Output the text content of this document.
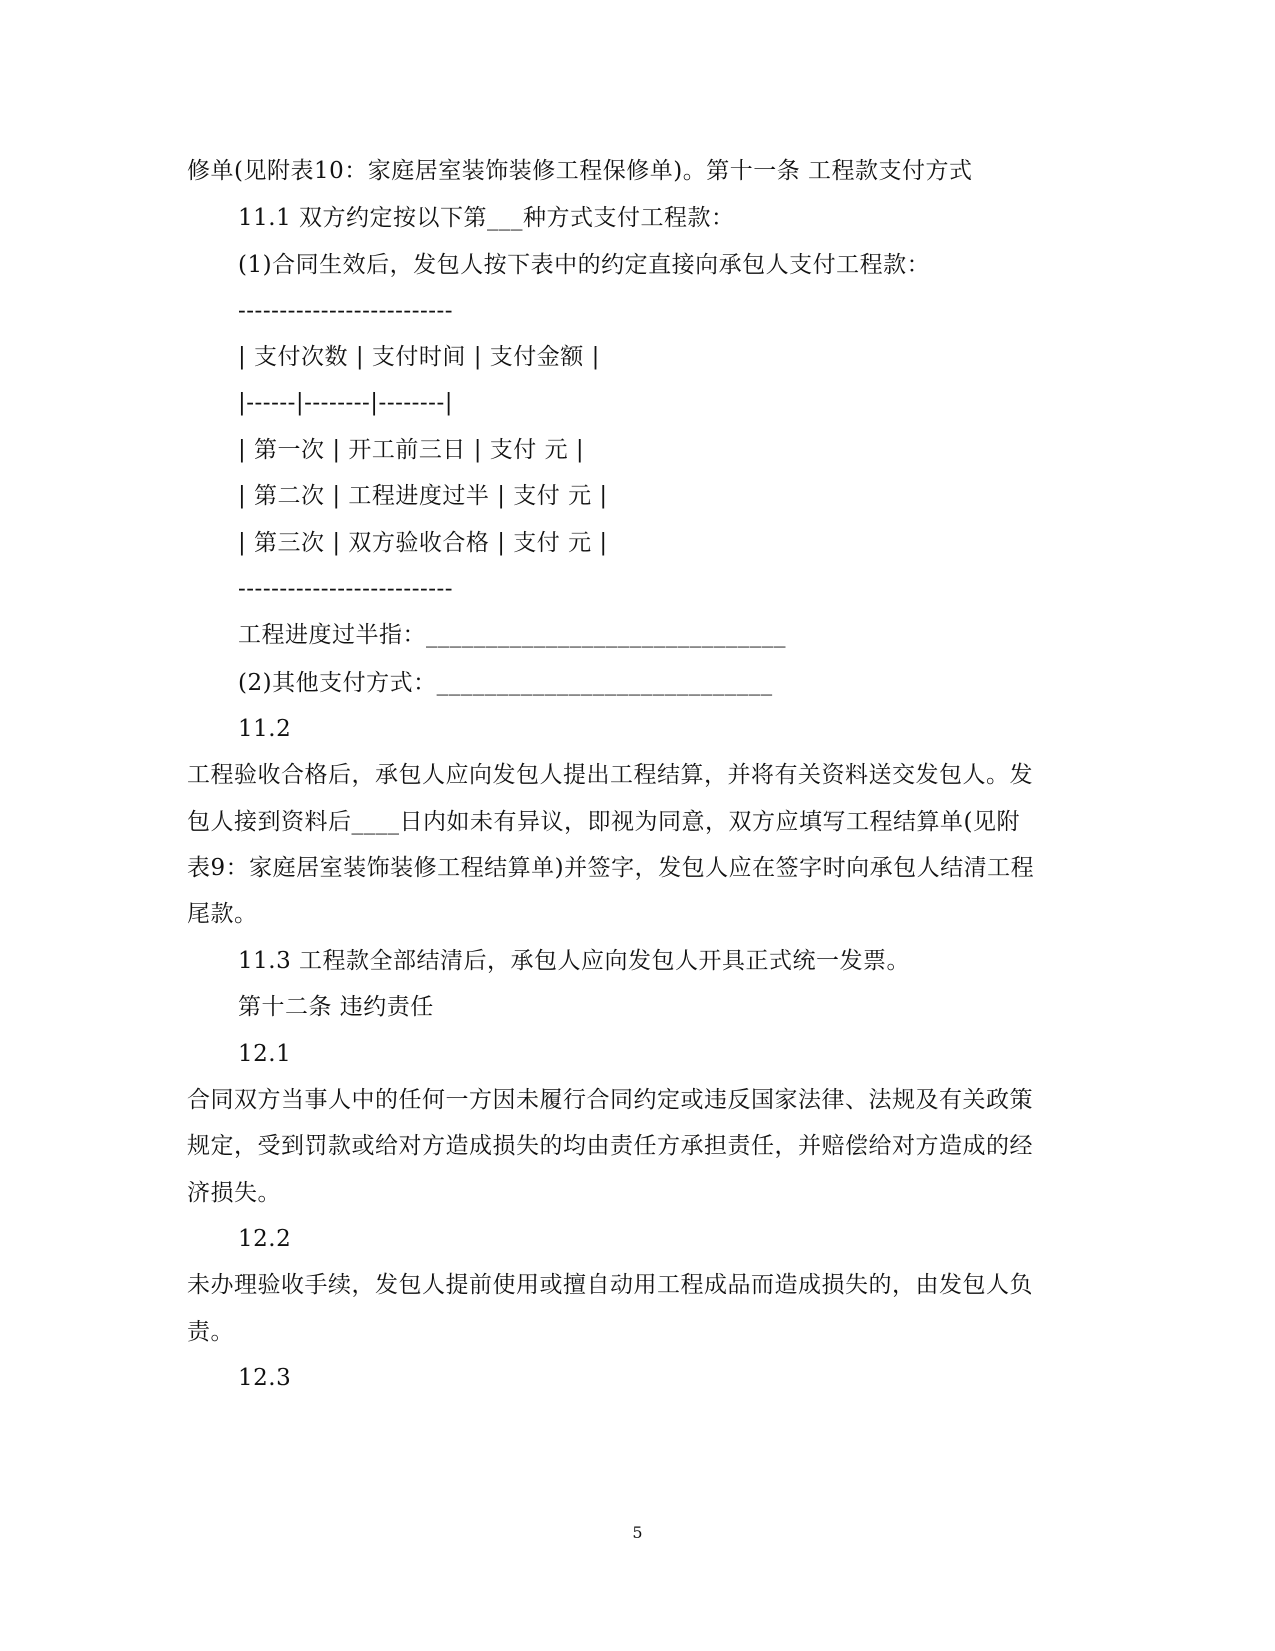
修单(见附表10：家庭居室装饰装修工程保修单)。第十一条 工程款支付方式
11.1 双方约定按以下第___种方式支付工程款：
(1)合同生效后，发包人按下表中的约定直接向承包人支付工程款：
--------------------------
| 支付次数 | 支付时间 | 支付金额 |
|------|--------|--------|
| 第一次 | 开工前三日 | 支付 元 |
| 第二次 | 工程进度过半 | 支付 元 |
| 第三次 | 双方验收合格 | 支付 元 |
--------------------------
工程进度过半指：______________________________
(2)其他支付方式：____________________________
11.2
工程验收合格后，承包人应向发包人提出工程结算，并将有关资料送交发包人。发
包人接到资料后____日内如未有异议，即视为同意，双方应填写工程结算单(见附
表9：家庭居室装饰装修工程结算单)并签字，发包人应在签字时向承包人结清工程
尾款。
11.3 工程款全部结清后，承包人应向发包人开具正式统一发票。
第十二条 违约责任
12.1
合同双方当事人中的任何一方因未履行合同约定或违反国家法律、法规及有关政策
规定，受到罚款或给对方造成损失的均由责任方承担责任，并赔偿给对方造成的经
济损失。
12.2
未办理验收手续，发包人提前使用或擅自动用工程成品而造成损失的，由发包人负
责。
12.3
5
